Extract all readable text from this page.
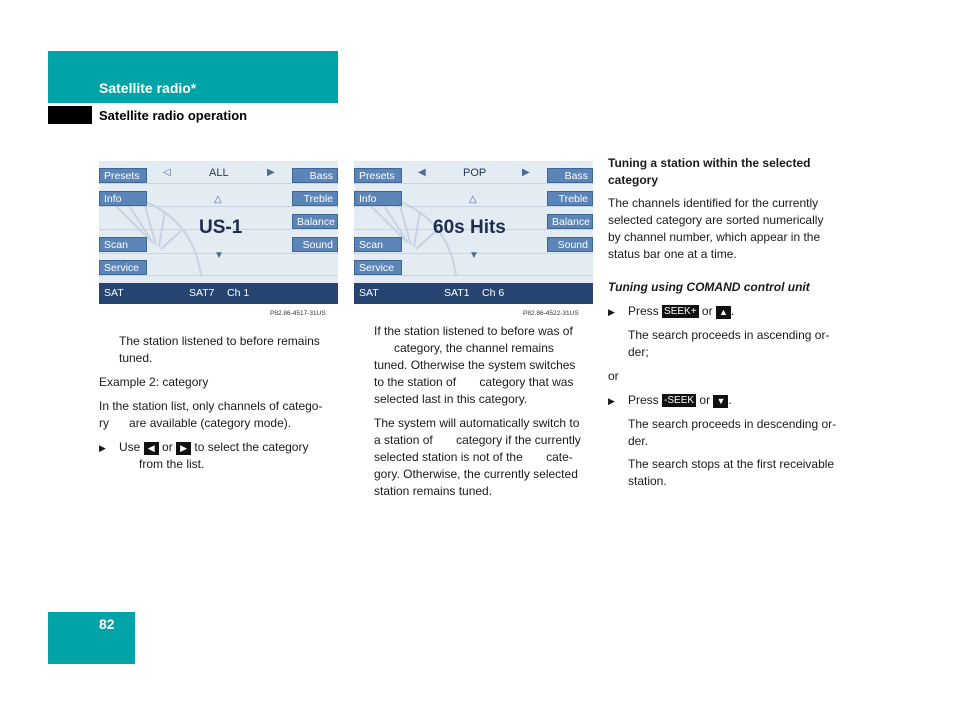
Satellite radio*
Satellite radio operation
Presets
Info
Scan
Service
Bass
Treble
Balance
Sound
◁	ALL	▶
△
US-1
▼
SAT	SAT7 Ch 1
P82.86-4517-31US
Presets
Info
Scan
Service
Bass
Treble
Balance
Sound
◀	POP	▶
△
60s Hits
▼
SAT	SAT1 Ch 6
P82.86-4522-31US
The station listened to before remains
tuned.
Example 2: category
In the station list, only channels of catego-
ry are available (category mode).
▶ Use ◀ or ▶ to select the category
from the list.
If the station listened to before was of
category, the channel remains
tuned. Otherwise the system switches
to the station of category that was
selected last in this category.
The system will automatically switch to
a station of category if the currently
selected station is not of the cate-
gory. Otherwise, the currently selected
station remains tuned.
Tuning a station within the selected
category
The channels identified for the currently
selected category are sorted numerically
by channel number, which appear in the
status bar one at a time.
Tuning using COMAND control unit
▶ Press SEEK+ or ▲ .
The search proceeds in ascending or-
der;
or
▶ Press -SEEK or ▼ .
The search proceeds in descending or-
der.
The search stops at the first receivable
station.
82
